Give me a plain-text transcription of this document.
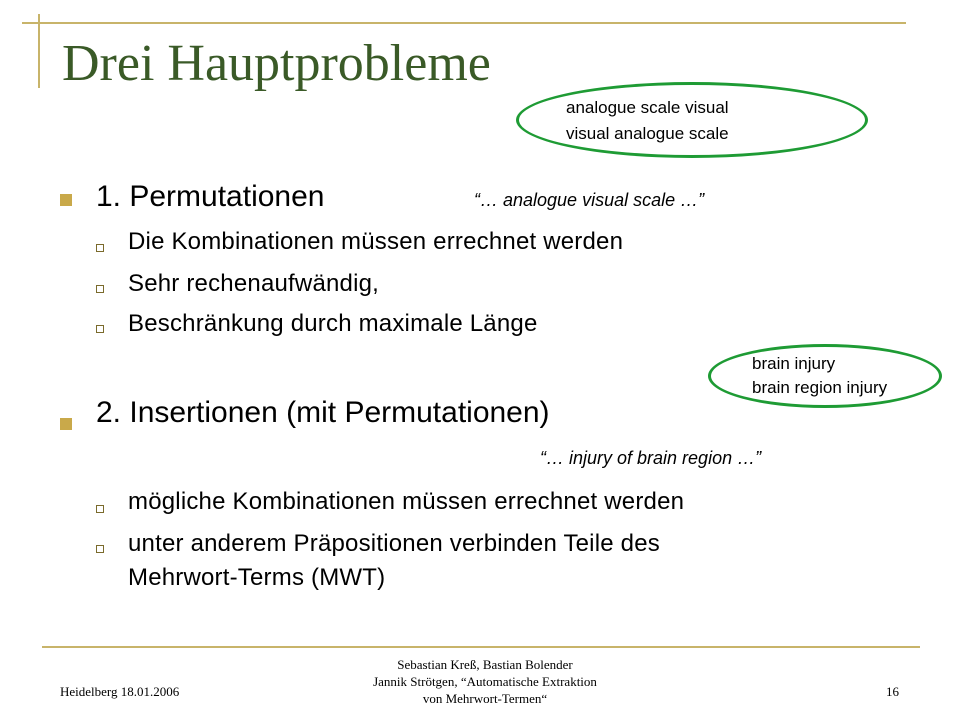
Drei Hauptprobleme
analogue scale visual
visual analogue scale
1. Permutationen	“… analogue visual scale …”
Die Kombinationen müssen errechnet werden
Sehr rechenaufwändig,
Beschränkung durch maximale Länge
brain injury
brain region injury
2. Insertionen (mit Permutationen)
“… injury of brain region …”
mögliche Kombinationen müssen errechnet werden
unter anderem Präpositionen verbinden Teile des
Mehrwort-Terms (MWT)
Heidelberg 18.01.2006
Sebastian Kreß, Bastian Bolender
Jannik Strötgen, “Automatische Extraktion
von Mehrwort-Termen“	16
